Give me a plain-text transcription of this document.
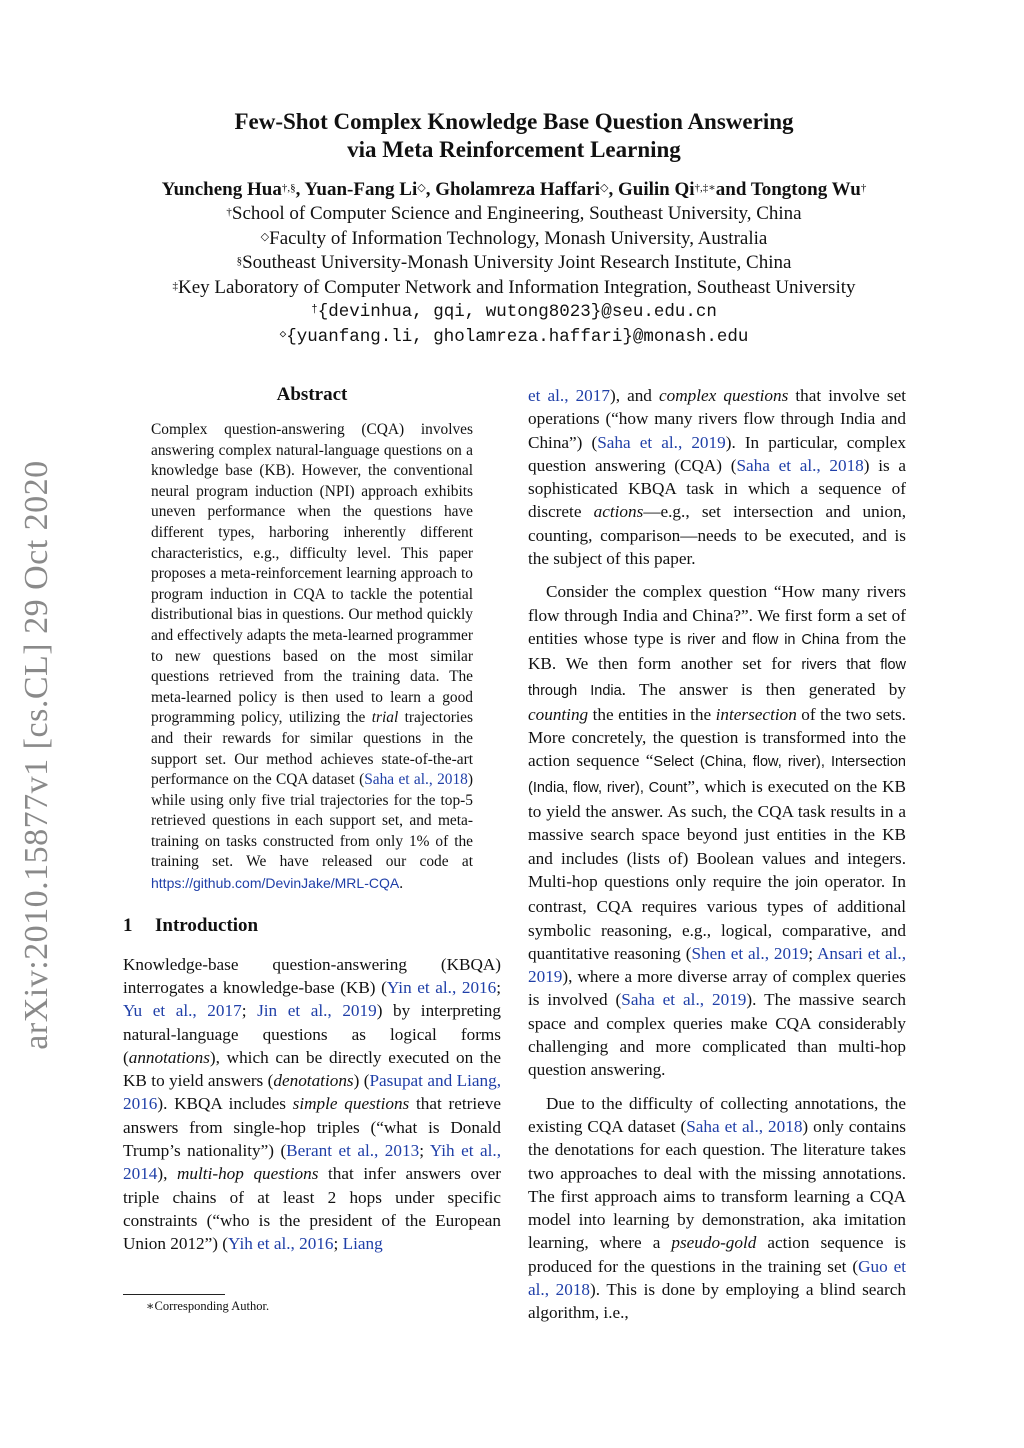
arXiv:2010.15877v1 [cs.CL] 29 Oct 2020
Few-Shot Complex Knowledge Base Question Answering
via Meta Reinforcement Learning
Yuncheng Hua†,§, Yuan-Fang Li◇, Gholamreza Haffari◇, Guilin Qi†,‡∗and Tongtong Wu†
†School of Computer Science and Engineering, Southeast University, China
◇Faculty of Information Technology, Monash University, Australia
§Southeast University-Monash University Joint Research Institute, China
‡Key Laboratory of Computer Network and Information Integration, Southeast University
†{devinhua, gqi, wutong8023}@seu.edu.cn
◇{yuanfang.li, gholamreza.haffari}@monash.edu
Abstract
Complex question-answering (CQA) involves answering complex natural-language questions on a knowledge base (KB). However, the conventional neural program induction (NPI) approach exhibits uneven performance when the questions have different types, harboring inherently different characteristics, e.g., difficulty level. This paper proposes a meta-reinforcement learning approach to program induction in CQA to tackle the potential distributional bias in questions. Our method quickly and effectively adapts the meta-learned programmer to new questions based on the most similar questions retrieved from the training data. The meta-learned policy is then used to learn a good programming policy, utilizing the trial trajectories and their rewards for similar questions in the support set. Our method achieves state-of-the-art performance on the CQA dataset (Saha et al., 2018) while using only five trial trajectories for the top-5 retrieved questions in each support set, and meta-training on tasks constructed from only 1% of the training set. We have released our code at https://github.com/DevinJake/MRL-CQA.
1 Introduction

Knowledge-base question-answering (KBQA) interrogates a knowledge-base (KB) (Yin et al., 2016; Yu et al., 2017; Jin et al., 2019) by interpreting natural-language questions as logical forms (annotations), which can be directly executed on the KB to yield answers (denotations) (Pasupat and Liang, 2016). KBQA includes simple questions that retrieve answers from single-hop triples (“what is Donald Trump’s nationality”) (Berant et al., 2013; Yih et al., 2014), multi-hop questions that infer answers over triple chains of at least 2 hops under specific constraints (“who is the president of the European Union 2012”) (Yih et al., 2016; Liang

∗Corresponding Author.

et al., 2017), and complex questions that involve set operations (“how many rivers flow through India and China”) (Saha et al., 2019). In particular, complex question answering (CQA) (Saha et al., 2018) is a sophisticated KBQA task in which a sequence of discrete actions—e.g., set intersection and union, counting, comparison—needs to be executed, and is the subject of this paper.

Consider the complex question “How many rivers flow through India and China?”. We first form a set of entities whose type is river and flow in China from the KB. We then form another set for rivers that flow through India. The answer is then generated by counting the entities in the intersection of the two sets. More concretely, the question is transformed into the action sequence “Select (China, flow, river), Intersection (India, flow, river), Count”, which is executed on the KB to yield the answer. As such, the CQA task results in a massive search space beyond just entities in the KB and includes (lists of) Boolean values and integers. Multi-hop questions only require the join operator. In contrast, CQA requires various types of additional symbolic reasoning, e.g., logical, comparative, and quantitative reasoning (Shen et al., 2019; Ansari et al., 2019), where a more diverse array of complex queries is involved (Saha et al., 2019). The massive search space and complex queries make CQA considerably challenging and more complicated than multi-hop question answering.

Due to the difficulty of collecting annotations, the existing CQA dataset (Saha et al., 2018) only contains the denotations for each question. The literature takes two approaches to deal with the missing annotations. The first approach aims to transform learning a CQA model into learning by demonstration, aka imitation learning, where a pseudo-gold action sequence is produced for the questions in the training set (Guo et al., 2018). This is done by employing a blind search algorithm, i.e.,
